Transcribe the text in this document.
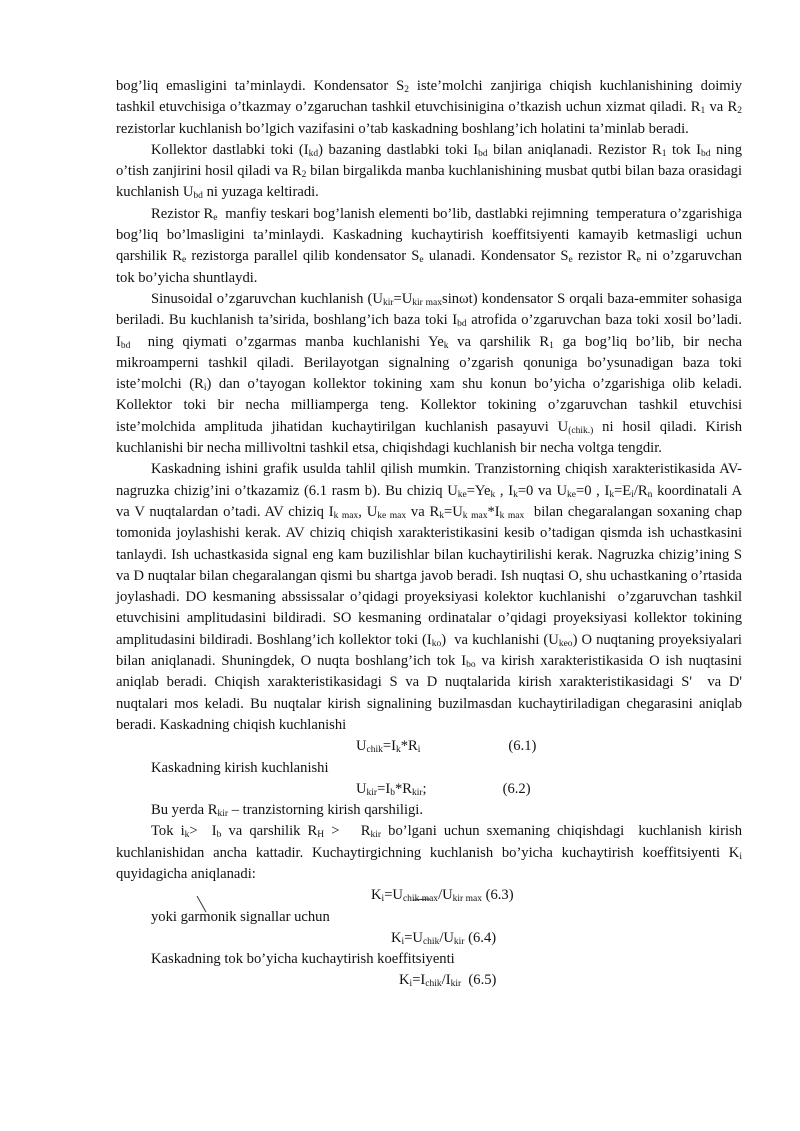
bog’liq emasligini ta’minlaydi. Kondensator $S_2$ iste’molchi zanjiriga chiqish kuchlanishining doimiy tashkil etuvchisiga o’tkazmay o’zgaruchan tashkil etuvchisinigina o’tkazish uchun xizmat qiladi. $R_1$ va $R_2$ rezistorlar kuchlanish bo’lgich vazifasini o’tab kaskadning boshlang’ich holatini ta’minlab beradi.

Kollektor dastlabki toki $(I_{kd})$ bazaning dastlabki toki $I_{bd}$ bilan aniqlanadi. Rezistor $R_1$ tok $I_{bd}$ ning o’tish zanjirini hosil qiladi va $R_2$ bilan birgalikda manba kuchlanishining musbat qutbi bilan baza orasidagi kuchlanish $U_{bd}$ ni yuzaga keltiradi.

Rezistor $R_e$  manfiy teskari bog’lanish elementi bo’lib, dastlabki rejimning  temperatura o’zgarishiga bog’liq bo’lmasligini ta’minlaydi. Kaskadning kuchaytirish koeffitsiyenti kamayib ketmasligi uchun qarshilik $R_e$ rezistorga parallel qilib kondensator $S_e$ ulanadi. Kondensator $S_e$ rezistor $R_e$ ni o’zgaruvchan tok bo’yicha shuntlaydi.

Sinusoidal o’zgaruvchan kuchlanish $(U_{kir}=U_{kir max}\sin\omega t)$ kondensator S orqali baza-emmiter sohasiga beriladi. Bu kuchlanish ta’sirida, boshlang’ich baza toki $I_{bd}$ atrofida o’zgaruvchan baza toki xosil bo’ladi. $I_{bd}$  ning qiymati o’zgarmas manba kuchlanishi $Ye_k$ va qarshilik $R_1$ ga bog’liq bo’lib, bir necha mikroamperni tashkil qiladi. Berilayotgan signalning o’zgarish qonuniga bo’ysunadigan baza toki iste’molchi $(R_i)$ dan o’tayogan kollektor tokining xam shu konun bo’yicha o’zgarishiga olib keladi. Kollektor toki bir necha milliamperga teng. Kollektor tokining o’zgaruvchan tashkil etuvchisi iste’molchida amplituda jihatidan kuchaytirilgan kuchlanish pasayuvi $U_{(chik.)}$ ni hosil qiladi. Kirish kuchlanishi bir necha millivoltni tashkil etsa, chiqishdagi kuchlanish bir necha voltga tengdir.

Kaskadning ishini grafik usulda tahlil qilish mumkin. Tranzistorning chiqish xarakteristikasida AV-nagruzka chizig’ini o’tkazamiz (6.1 rasm b). Bu chiziq $U_{ke}=Ye_k$ , $I_k=0$ va $U_{ke}=0$ , $I_k=E_i/R_n$ koordinatali A va V nuqtalardan o’tadi. AV chiziq $I_{k max}$, $U_{ke max}$ va $R_k=U_{k max}*I_{k max}$  bilan chegaralangan soxaning chap tomonida joylashishi kerak. AV chiziq chiqish xarakteristikasini kesib o’tadigan qismda ish uchastkasini tanlaydi. Ish uchastkasida signal eng kam buzilishlar bilan kuchaytirilishi kerak. Nagruzka chizig’ining S va D nuqtalar bilan chegaralangan qismi bu shartga javob beradi. Ish nuqtasi O, shu uchastkaning o’rtasida joylashadi. DO kesmaning abssissalar o’qidagi proyeksiyasi kolektor kuchlanishi  o’zgaruvchan tashkil etuvchisini amplitudasini bildiradi. SO kesmaning ordinatalar o’qidagi proyeksiyasi kollektor tokining amplitudasini bildiradi. Boshlang’ich kollektor toki $(I_{ko})$  va kuchlanishi $(U_{keo})$ O nuqtaning proyeksiyalari bilan aniqlanadi. Shuningdek, O nuqta boshlang’ich tok $I_{bo}$ va kirish xarakteristikasida O ish nuqtasini aniqlab beradi. Chiqish xarakteristikasidagi S va D nuqtalarida kirish xarakteristikasidagi S'  va D' nuqtalari mos keladi. Bu nuqtalar kirish signalining buzilmasdan kuchaytiriladigan chegarasini aniqlab beradi. Kaskadning chiqish kuchlanishi

$U_{chik}=I_k*R_i$	(6.1)
Kaskadning kirish kuchlanishi
$U_{kir}=I_b*R_{kir}$;	(6.2)
Bu yerda $R_{kir}$ – tranzistorning kirish qarshiligi.

Tok $i_k> I_b$ va qarshilik $R_H > R_{kir}$ bo’lgani uchun sxemaning chiqishdagi  kuchlanish kirish kuchlanishidan ancha kattadir. Kuchaytirgichning kuchlanish bo’yicha kuchaytirish koeffitsiyenti $K_i$ quyidagicha aniqlanadi:

$K_i=U_{chik max}/U_{kir max}$ (6.3)
yoki garmonik signallar uchun
$K_i=U_{chik}/U_{kir}$ (6.4)
Kaskadning tok bo’yicha kuchaytirish koeffitsiyenti
$K_i=I_{chik}/I_{kir}$  (6.5)
